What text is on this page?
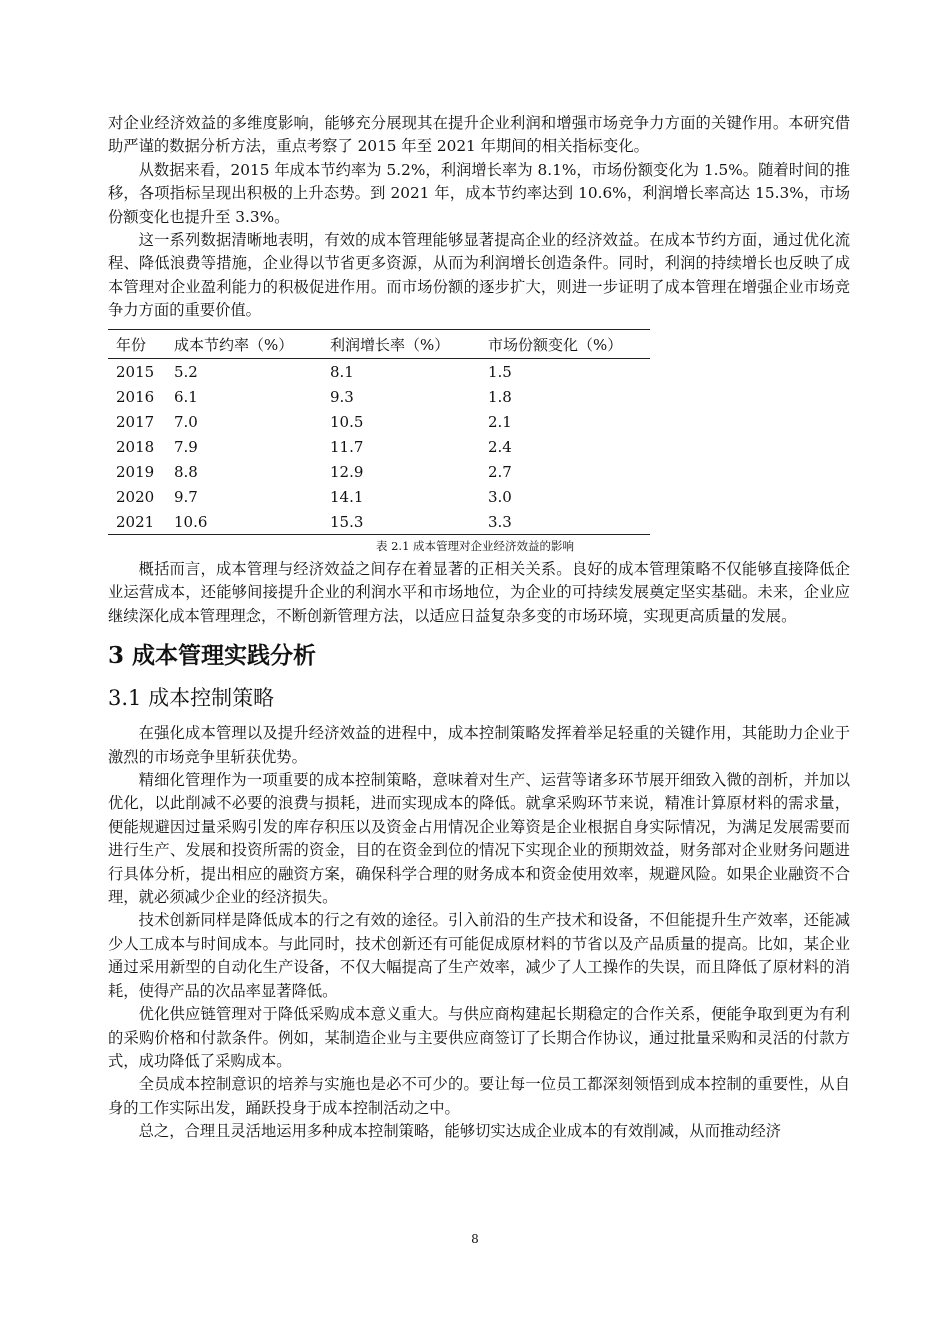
对企业经济效益的多维度影响，能够充分展现其在提升企业利润和增强市场竞争力方面的关键作用。本研究借助严谨的数据分析方法，重点考察了 2015 年至 2021 年期间的相关指标变化。

从数据来看，2015 年成本节约率为 5.2%，利润增长率为 8.1%，市场份额变化为 1.5%。随着时间的推移，各项指标呈现出积极的上升态势。到 2021 年，成本节约率达到 10.6%，利润增长率高达 15.3%，市场份额变化也提升至 3.3%。

这一系列数据清晰地表明，有效的成本管理能够显著提高企业的经济效益。在成本节约方面，通过优化流程、降低浪费等措施，企业得以节省更多资源，从而为利润增长创造条件。同时，利润的持续增长也反映了成本管理对企业盈利能力的积极促进作用。而市场份额的逐步扩大，则进一步证明了成本管理在增强企业市场竞争力方面的重要价值。

年份	成本节约率（%）	利润增长率（%）	市场份额变化（%）
2015	5.2	8.1	1.5
2016	6.1	9.3	1.8
2017	7.0	10.5	2.1
2018	7.9	11.7	2.4
2019	8.8	12.9	2.7
2020	9.7	14.1	3.0
2021	10.6	15.3	3.3
表 2.1 成本管理对企业经济效益的影响

概括而言，成本管理与经济效益之间存在着显著的正相关关系。良好的成本管理策略不仅能够直接降低企业运营成本，还能够间接提升企业的利润水平和市场地位，为企业的可持续发展奠定坚实基础。未来，企业应继续深化成本管理理念，不断创新管理方法，以适应日益复杂多变的市场环境，实现更高质量的发展。

3 成本管理实践分析
3.1 成本控制策略

在强化成本管理以及提升经济效益的进程中，成本控制策略发挥着举足轻重的关键作用，其能助力企业于激烈的市场竞争里斩获优势。

精细化管理作为一项重要的成本控制策略，意味着对生产、运营等诸多环节展开细致入微的剖析，并加以优化，以此削减不必要的浪费与损耗，进而实现成本的降低。就拿采购环节来说，精准计算原材料的需求量，便能规避因过量采购引发的库存积压以及资金占用情况企业筹资是企业根据自身实际情况，为满足发展需要而进行生产、发展和投资所需的资金，目的在资金到位的情况下实现企业的预期效益，财务部对企业财务问题进行具体分析，提出相应的融资方案，确保科学合理的财务成本和资金使用效率，规避风险。如果企业融资不合理，就必须减少企业的经济损失。

技术创新同样是降低成本的行之有效的途径。引入前沿的生产技术和设备，不但能提升生产效率，还能减少人工成本与时间成本。与此同时，技术创新还有可能促成原材料的节省以及产品质量的提高。比如，某企业通过采用新型的自动化生产设备，不仅大幅提高了生产效率，减少了人工操作的失误，而且降低了原材料的消耗，使得产品的次品率显著降低。

优化供应链管理对于降低采购成本意义重大。与供应商构建起长期稳定的合作关系，便能争取到更为有利的采购价格和付款条件。例如，某制造企业与主要供应商签订了长期合作协议，通过批量采购和灵活的付款方式，成功降低了采购成本。

全员成本控制意识的培养与实施也是必不可少的。要让每一位员工都深刻领悟到成本控制的重要性，从自身的工作实际出发，踊跃投身于成本控制活动之中。

总之，合理且灵活地运用多种成本控制策略，能够切实达成企业成本的有效削减，从而推动经济

8
